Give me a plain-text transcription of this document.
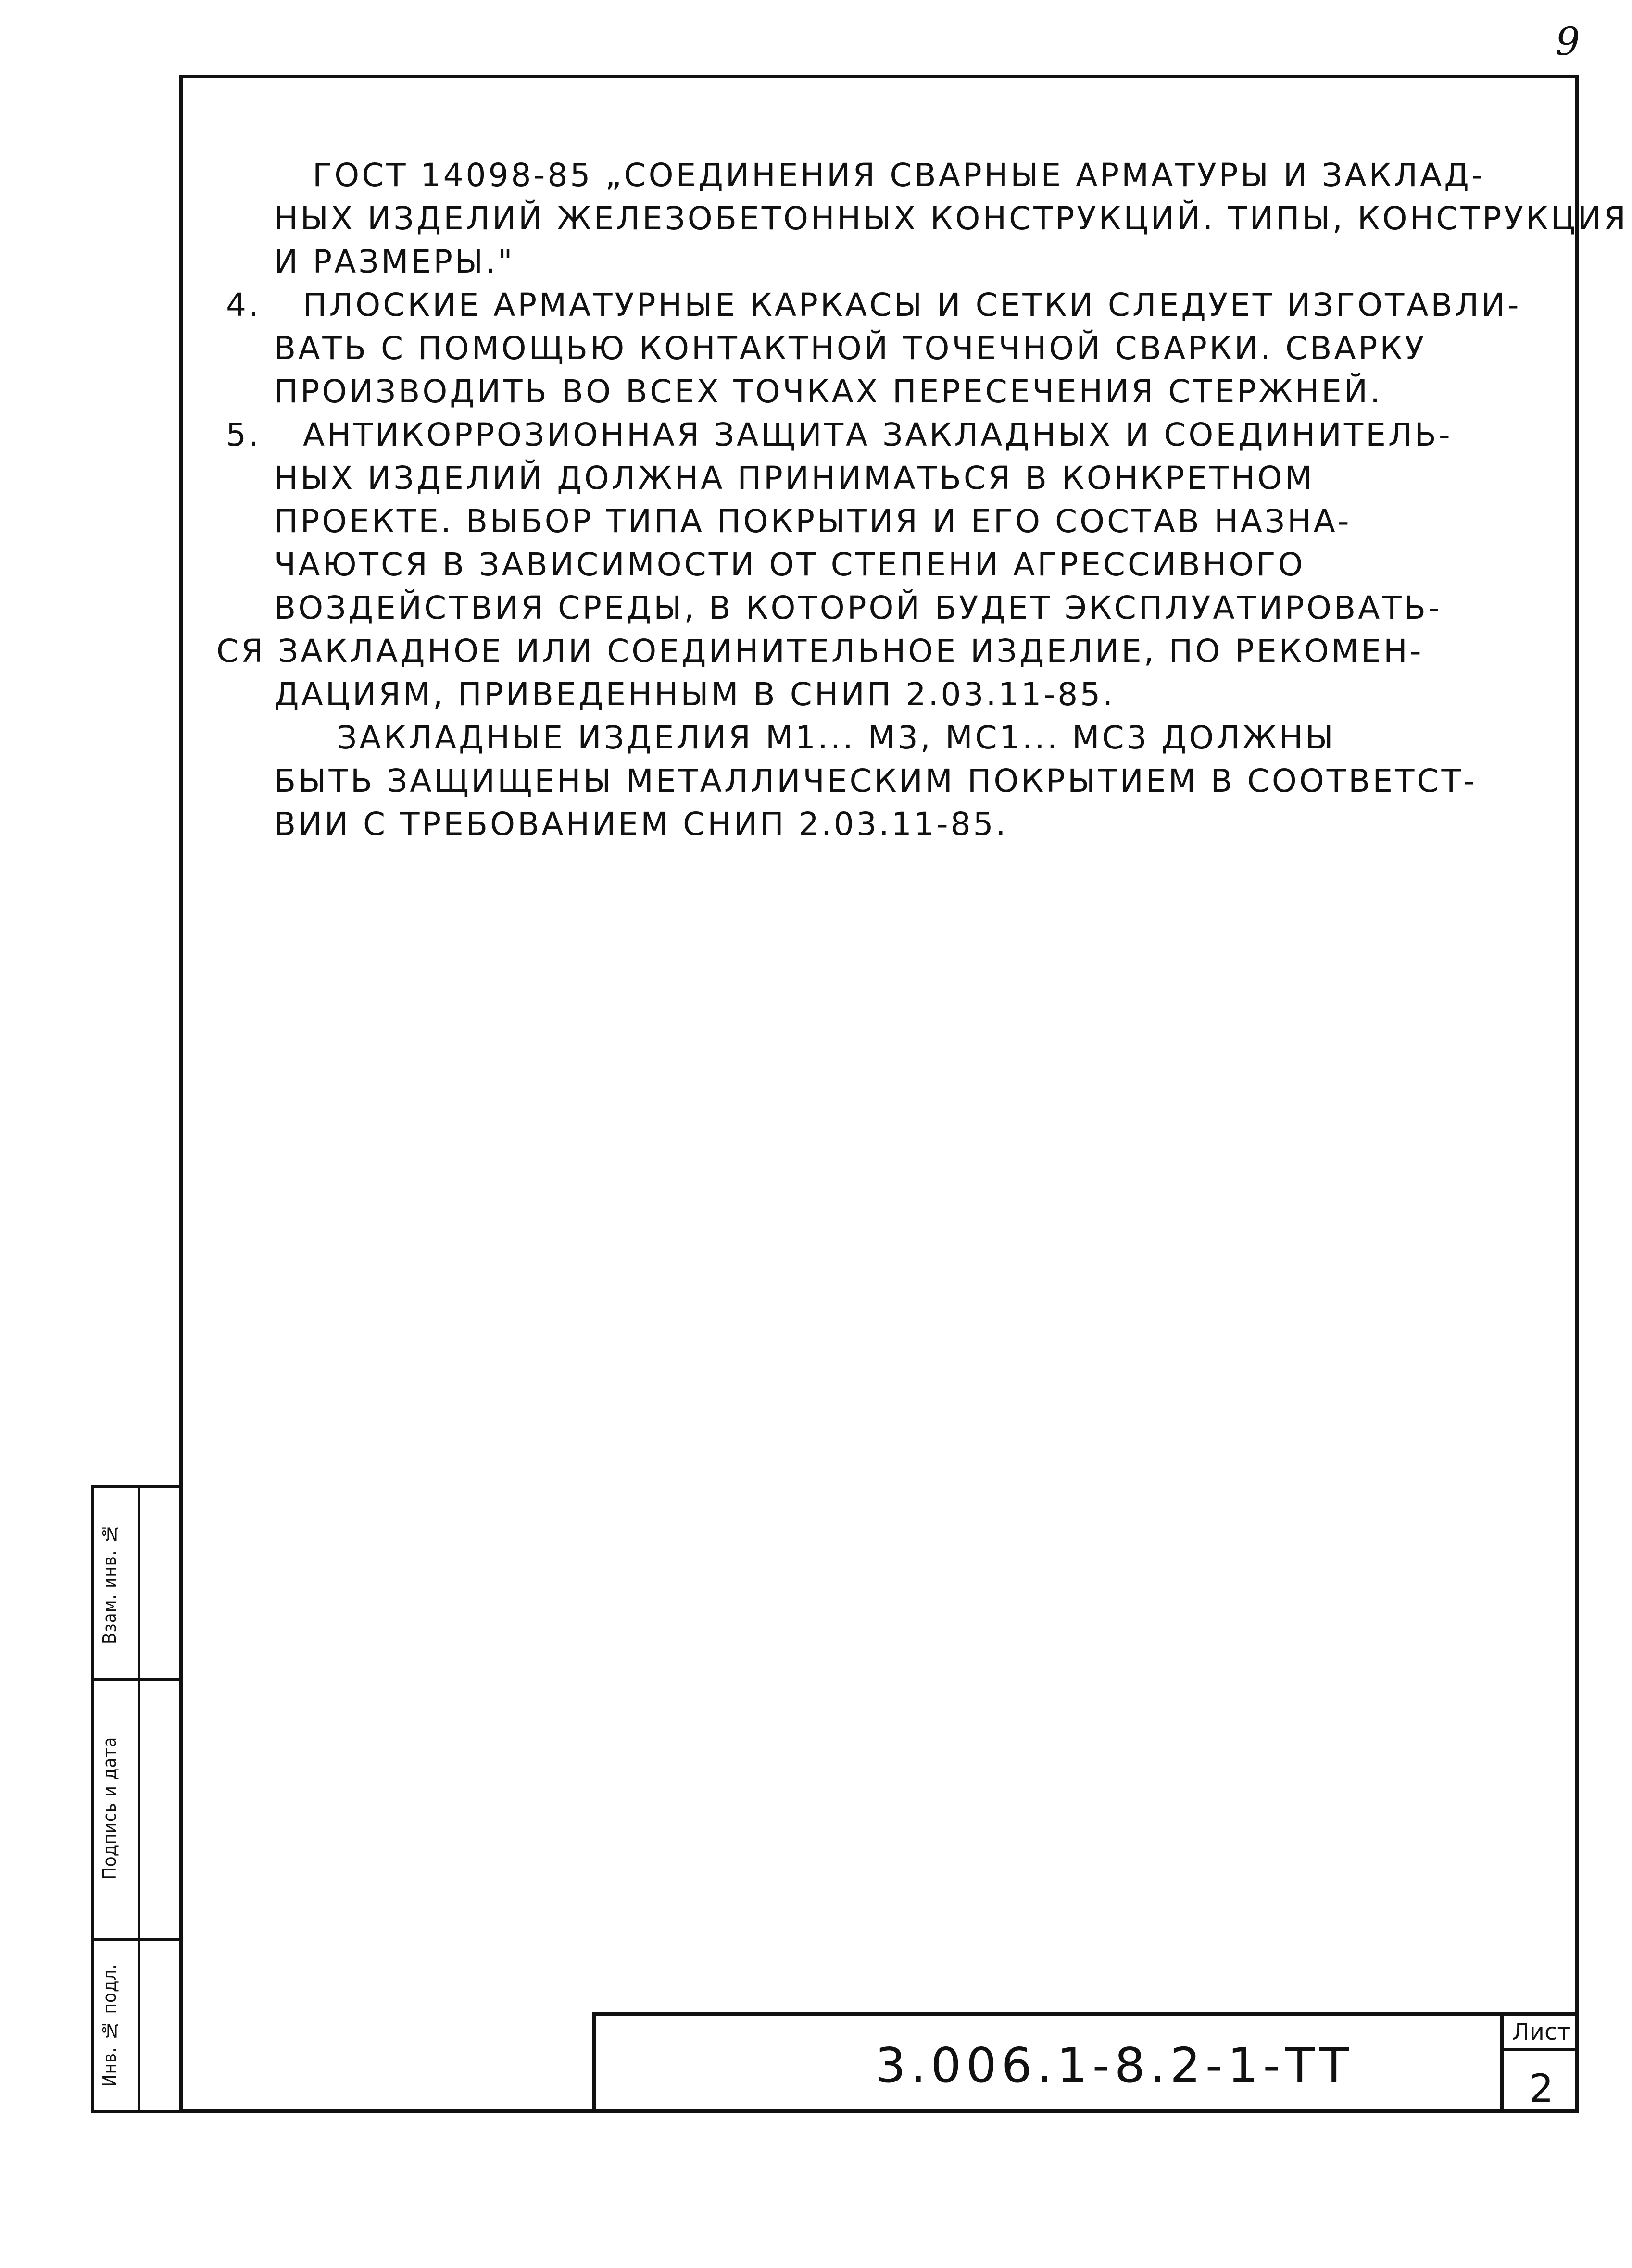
9

ГОСТ 14098-85 „СОЕДИНЕНИЯ СВАРНЫЕ АРМАТУРЫ И ЗАКЛАД-

НЫХ ИЗДЕЛИЙ ЖЕЛЕЗОБЕТОННЫХ КОНСТРУКЦИЙ. ТИПЫ, КОНСТРУКЦИЯ

И РАЗМЕРЫ."

4. ПЛОСКИЕ АРМАТУРНЫЕ КАРКАСЫ И СЕТКИ СЛЕДУЕТ ИЗГОТАВЛИ-

ВАТЬ С ПОМОЩЬЮ КОНТАКТНОЙ ТОЧЕЧНОЙ СВАРКИ. СВАРКУ

ПРОИЗВОДИТЬ ВО ВСЕХ ТОЧКАХ ПЕРЕСЕЧЕНИЯ СТЕРЖНЕЙ.

5. АНТИКОРРОЗИОННАЯ ЗАЩИТА ЗАКЛАДНЫХ И СОЕДИНИТЕЛЬ-

НЫХ ИЗДЕЛИЙ ДОЛЖНА ПРИНИМАТЬСЯ В КОНКРЕТНОМ

ПРОЕКТЕ. ВЫБОР ТИПА ПОКРЫТИЯ И ЕГО СОСТАВ НАЗНА-

ЧАЮТСЯ В ЗАВИСИМОСТИ ОТ СТЕПЕНИ АГРЕССИВНОГО

ВОЗДЕЙСТВИЯ СРЕДЫ, В КОТОРОЙ БУДЕТ ЭКСПЛУАТИРОВАТЬ-

СЯ ЗАКЛАДНОЕ ИЛИ СОЕДИНИТЕЛЬНОЕ ИЗДЕЛИЕ, ПО РЕКОМЕН-

ДАЦИЯМ, ПРИВЕДЕННЫМ В СНИП 2.03.11-85.

ЗАКЛАДНЫЕ ИЗДЕЛИЯ М1... М3, МС1... МС3 ДОЛЖНЫ

БЫТЬ ЗАЩИЩЕНЫ МЕТАЛЛИЧЕСКИМ ПОКРЫТИЕМ В СООТВЕТСТ-

ВИИ С ТРЕБОВАНИЕМ СНИП 2.03.11-85.

Взам. инв. №
Подпись и дата
Инв. № подл.	3.006.1-8.2-1-ТТ
Лист
2
